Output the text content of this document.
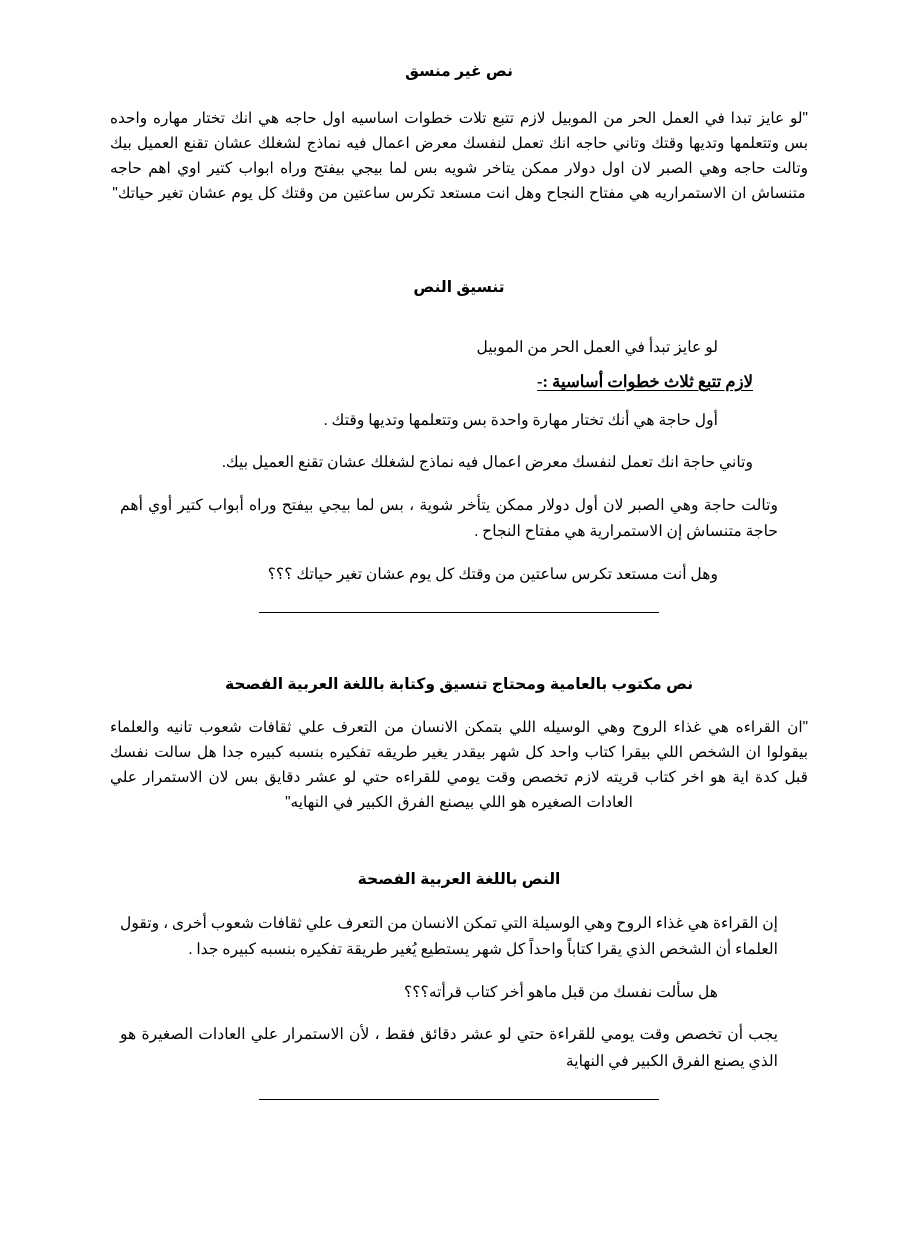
نص غير منسق
"لو عايز تبدا في العمل الحر من الموبيل لازم تتبع تلات خطوات اساسيه اول حاجه هي انك تختار مهاره واحده بس وتتعلمها وتديها وقتك وتاني حاجه انك تعمل لنفسك معرض اعمال فيه نماذج لشغلك عشان تقنع العميل بيك وتالت حاجه وهي الصبر لان اول دولار ممكن يتاخر شويه بس لما بيجي بيفتح وراه ابواب كتير اوي اهم حاجه متنساش ان الاستمراريه هي مفتاح النجاح وهل انت مستعد تكرس ساعتين من وقتك كل يوم عشان تغير حياتك"
تنسيق النص
لو عايز تبدأ في العمل الحر من الموبيل
لازم تتبع ثلاث خطوات أساسية :-
أول حاجة هي أنك تختار مهارة واحدة بس وتتعلمها وتديها وقتك .
وتاني حاجة انك تعمل لنفسك معرض اعمال فيه نماذج لشغلك عشان تقنع العميل بيك.
وتالت حاجة وهي الصبر لان أول دولار ممكن يتأخر شوية ، بس لما بيجي بيفتح وراه أبواب كتير أوي أهم حاجة متنساش إن الاستمرارية هي مفتاح النجاح .
وهل أنت مستعد تكرس ساعتين من وقتك كل يوم عشان تغير حياتك ؟؟؟
نص مكتوب بالعامية ومحتاج تنسيق وكتابة باللغة العربية الفصحة
"ان القراءه هي غذاء الروح وهي الوسيله اللي بتمكن الانسان من التعرف علي ثقافات شعوب تانيه والعلماء بيقولوا ان الشخص اللي بيقرا كتاب واحد كل شهر بيقدر يغير طريقه تفكيره بنسبه كبيره جدا هل سالت نفسك قبل كدة اية هو اخر كتاب قريته لازم تخصص وقت يومي للقراءه حتي لو عشر دقايق بس لان الاستمرار علي العادات الصغيره هو اللي بيصنع الفرق الكبير في النهايه"
النص باللغة العربية الفصحة
إن القراءة هي غذاء الروح وهي الوسيلة التي تمكن الانسان من التعرف علي ثقافات شعوب أخرى ، وتقول العلماء أن الشخص الذي يقرا كتاباً واحداً كل شهر يستطيع يُغير طريقة تفكيره بنسبه كبيره جدا .
هل سألت نفسك من قبل ماهو أخر كتاب قرأته؟؟؟
يجب أن تخصص وقت يومي للقراءة حتي لو عشر دقائق فقط ، لأن الاستمرار علي العادات الصغيرة هو الذي يصنع الفرق الكبير في النهاية
